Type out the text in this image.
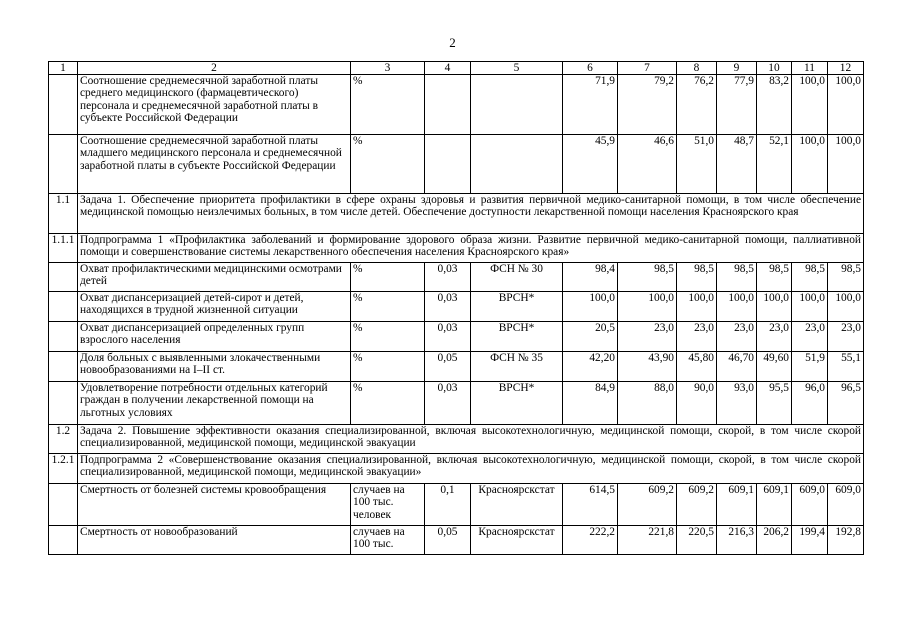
2
1	2	3	4	5	6	7	8	9	10	11	12
	Соотношение среднемесячной заработной платы среднего медицинского (фармацевтического) персонала и среднемесячной заработной платы в субъекте Российской Федерации	%			71,9	79,2	76,2	77,9	83,2	100,0	100,0
	Соотношение среднемесячной заработной платы младшего медицинского персонала и среднемесячной заработной платы в субъекте Российской Федерации	%			45,9	46,6	51,0	48,7	52,1	100,0	100,0
1.1	Задача 1. Обеспечение приоритета профилактики в сфере охраны здоровья и развития первичной медико-санитарной помощи, в том числе обеспечение медицинской помощью неизлечимых больных, в том числе детей. Обеспечение доступности лекарственной помощи населения Красноярского края										
1.1.1	Подпрограмма 1 «Профилактика заболеваний и формирование здорового образа жизни. Развитие первичной медико-санитарной помощи, паллиативной помощи и совершенствование системы лекарственного обеспечения населения Красноярского края»										
	Охват профилактическими медицинскими осмотрами детей	%	0,03	ФСН № 30	98,4	98,5	98,5	98,5	98,5	98,5	98,5
	Охват диспансеризацией детей-сирот и детей, находящихся в трудной жизненной ситуации	%	0,03	ВРСН*	100,0	100,0	100,0	100,0	100,0	100,0	100,0
	Охват диспансеризацией определенных групп взрослого населения	%	0,03	ВРСН*	20,5	23,0	23,0	23,0	23,0	23,0	23,0
	Доля больных с выявленными злокачественными новообразованиями на I–II ст.	%	0,05	ФСН № 35	42,20	43,90	45,80	46,70	49,60	51,9	55,1
	Удовлетворение потребности отдельных категорий граждан в получении лекарственной помощи на льготных условиях	%	0,03	ВРСН*	84,9	88,0	90,0	93,0	95,5	96,0	96,5
1.2	Задача 2. Повышение эффективности оказания специализированной, включая высокотехнологичную, медицинской помощи, скорой, в том числе скорой специализированной, медицинской помощи, медицинской эвакуации										
1.2.1	Подпрограмма 2 «Совершенствование оказания специализированной, включая высокотехнологичную, медицинской помощи, скорой, в том числе скорой специализированной, медицинской помощи, медицинской эвакуации»										
	Смертность от болезней системы кровообращения	случаев на 100 тыс. человек	0,1	Красноярскстат	614,5	609,2	609,2	609,1	609,1	609,0	609,0
	Смертность от новообразований	случаев на 100 тыс.	0,05	Красноярскстат	222,2	221,8	220,5	216,3	206,2	199,4	192,8
